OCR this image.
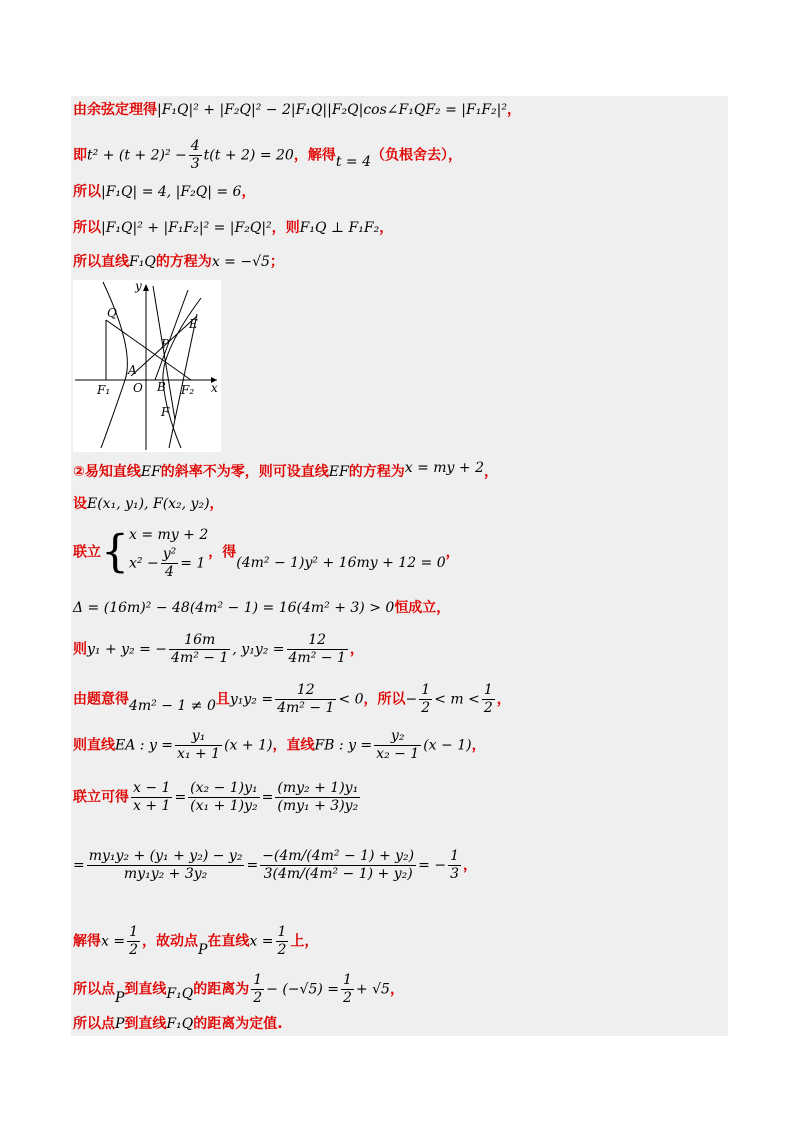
由余弦定理得|F₁Q|² + |F₂Q|² − 2|F₁Q||F₂Q|cos∠F₁QF₂ = |F₁F₂|²，
即$t^2 + (t + 2)^2 - \frac{4}{3} t(t + 2) = 20$，解得t = 4（负根舍去），
所以|F₁Q| = 4, |F₂Q| = 6，
所以|F₁Q|² + |F₁F₂|² = |F₂Q|²，则F₁Q ⊥ F₁F₂，
所以直线F₁Q的方程为x = −√5；
y
x
Q
E
P
A
O B
F₁	F₂
F
②易知直线EF的斜率不为零，则可设直线EF的方程为x = my + 2，
设E(x₁, y₁), F(x₂, y₂)，
联立{ x = my + 2
$x^2 - \frac{\text{y²}}{4} = 1$
，得(4m² − 1)y² + 16my + 12 = 0，
Δ = (16m)² − 48(4m² − 1) = 16(4m² + 3) > 0恒成立，
则y₁ + y₂ = − $\frac{16m}{\text{4m² − 1}}$ , $y_1y_2 = \frac{12}{\text{4m² − 1}}$ ，
由题意得4m² − 1 ≠ 0且$y_1y_2 = \frac{12}{\text{4m² − 1}} < 0$，所以− $\frac{1}{2} < m < \frac{1}{2}$ ，
则直线EA : $y = \frac{\text{y₁}}{\text{x₁ + 1}} (x + 1)$，直线FB : $y = \frac{\text{y₂}}{\text{x₂ − 1}} (x - 1)$，
联立可得 $\frac{x - 1}{x + 1} = \frac{\text{(x₂ − 1)y₁}}{\text{(x₁ + 1)y₂}} = \frac{\text{(my₂ + 1)y₁}}{\text{(my₁ + 3)y₂}}$
= $\frac{\text{my₁y₂ + (y₁ + y₂) − y₂}}{\text{my₁y₂ + 3y₂}} = \frac{\text{−(4m/(4m² − 1) + y₂)}}{\text{3(4m/(4m² − 1) + y₂)}}$ = − $\frac{1}{3}$ ，
解得$x = \frac{1}{2}$ ，故动点P在直线$x = \frac{1}{2}$ 上，
所以点P到直线F₁Q的距离为 $\frac{1}{2} - (-√5) = \frac{1}{2} + √5$，
所以点P到直线F₁Q的距离为定值.
